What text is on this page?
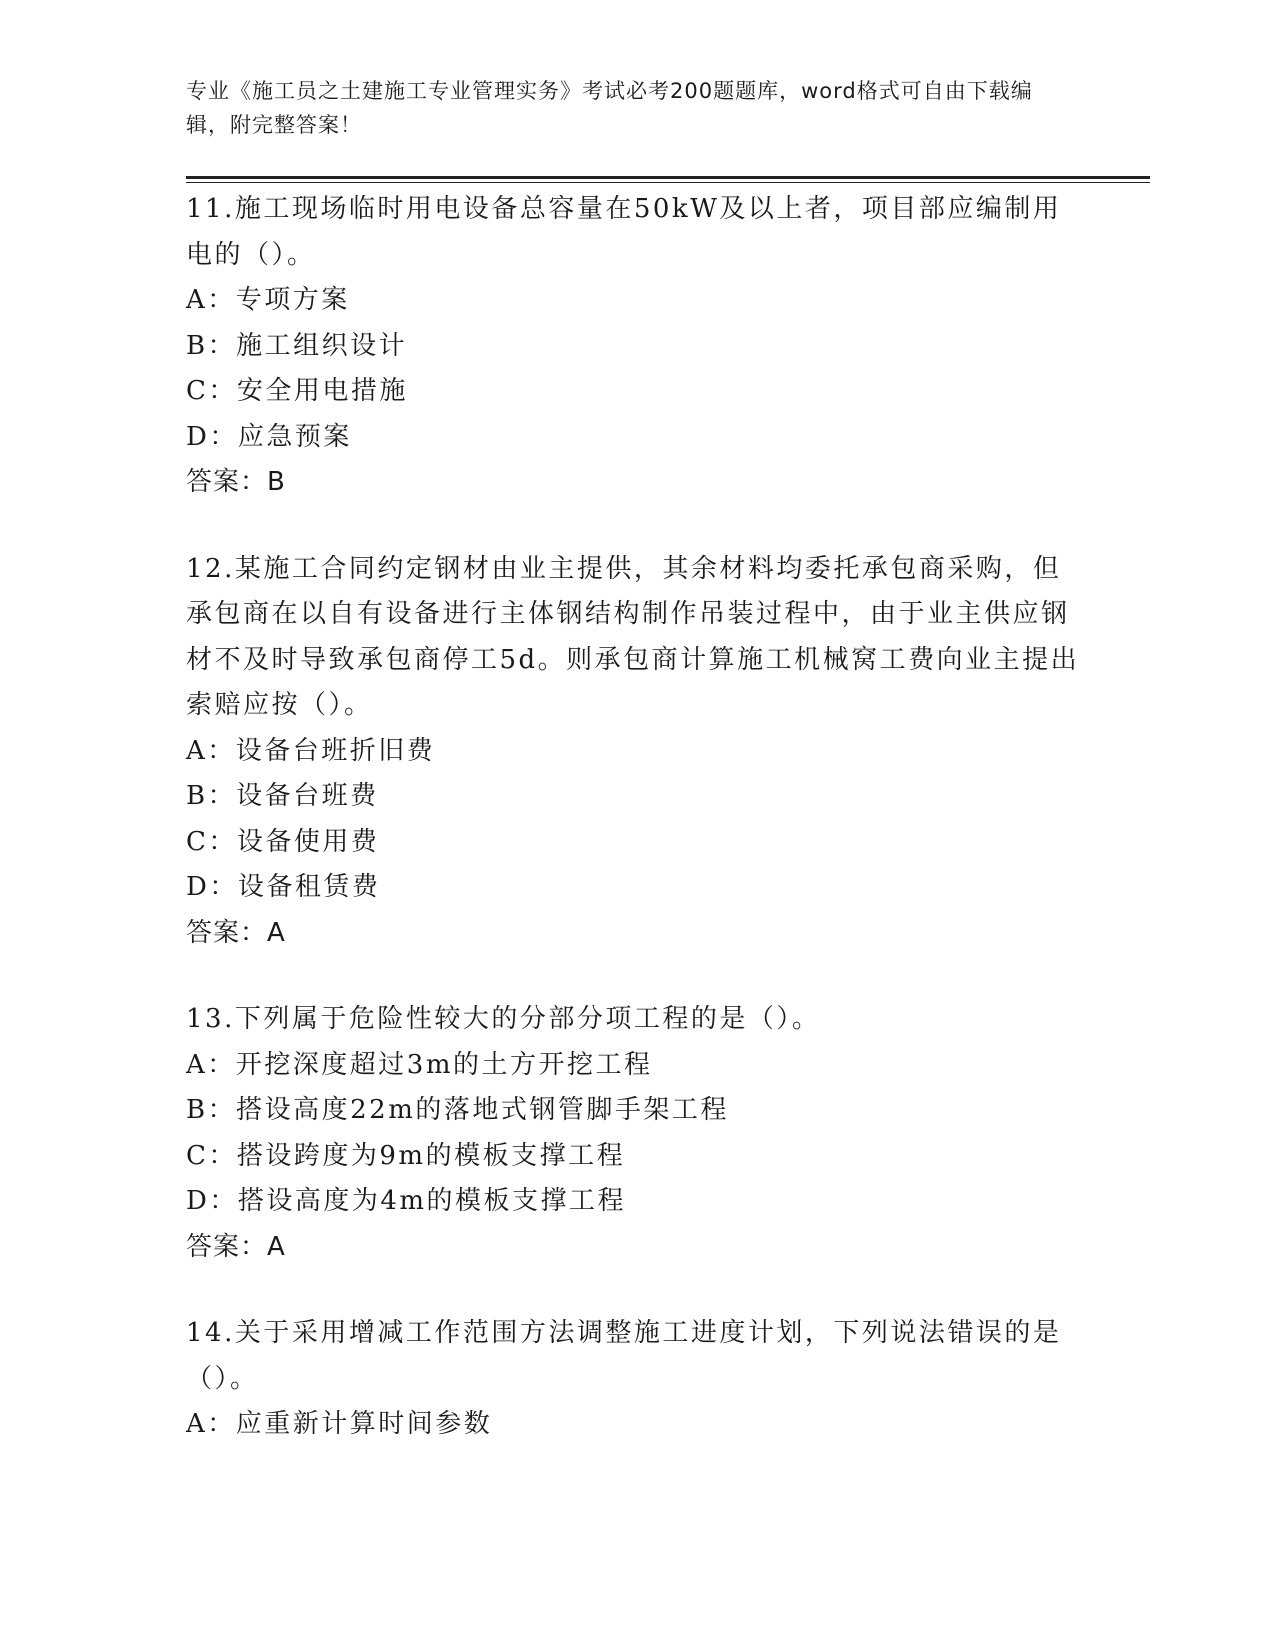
专业《施工员之土建施工专业管理实务》考试必考200题题库，word格式可自由下载编辑，附完整答案！
11.施工现场临时用电设备总容量在50kW及以上者，项目部应编制用电的（）。
A：专项方案
B：施工组织设计
C：安全用电措施
D：应急预案
答案：B
12.某施工合同约定钢材由业主提供，其余材料均委托承包商采购，但承包商在以自有设备进行主体钢结构制作吊装过程中，由于业主供应钢材不及时导致承包商停工5d。则承包商计算施工机械窝工费向业主提出索赔应按（）。
A：设备台班折旧费
B：设备台班费
C：设备使用费
D：设备租赁费
答案：A
13.下列属于危险性较大的分部分项工程的是（）。
A：开挖深度超过3m的土方开挖工程
B：搭设高度22m的落地式钢管脚手架工程
C：搭设跨度为9m的模板支撑工程
D：搭设高度为4m的模板支撑工程
答案：A
14.关于采用增减工作范围方法调整施工进度计划，下列说法错误的是（）。
A：应重新计算时间参数
